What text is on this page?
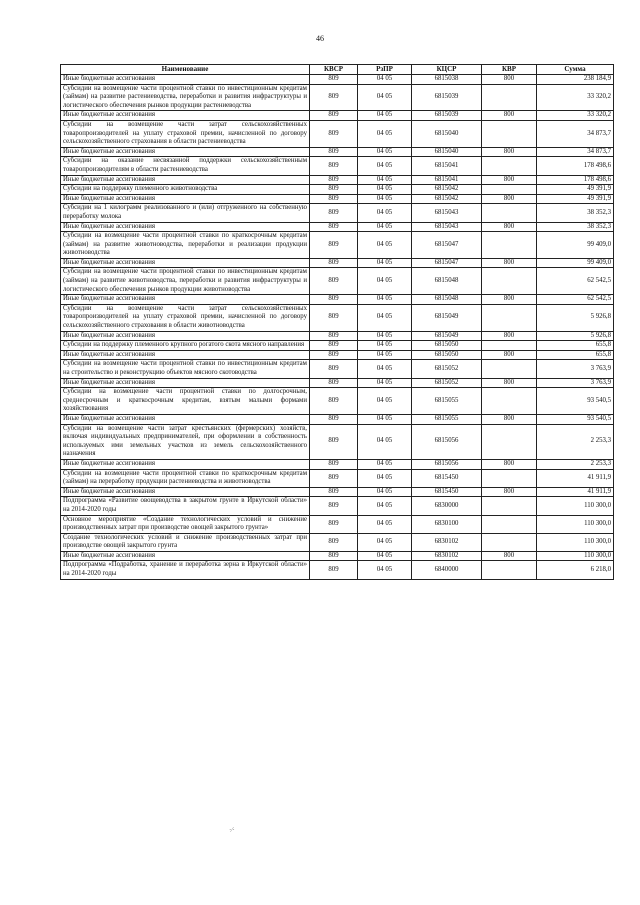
46
Наименование	КВСР	РзПР	КЦСР	КВР	Сумма
Иные бюджетные ассигнования	809	04 05	6815038	800	238 184,9
Субсидии на возмещение части процентной ставки по инвестиционным кредитам (займам) на развитие растениеводства, переработки и развития инфраструктуры и логистического обеспечения рынков продукции растениеводства	809	04 05	6815039		33 320,2
Иные бюджетные ассигнования	809	04 05	6815039	800	33 320,2
Субсидии на возмещение части затрат сельскохозяйственных товаропроизводителей на уплату страховой премии, начисленной по договору сельскохозяйственного страхования в области растениеводства	809	04 05	6815040		34 873,7
Иные бюджетные ассигнования	809	04 05	6815040	800	34 873,7
Субсидии на оказание несвязанной поддержки сельскохозяйственным товаропроизводителям в области растениеводства	809	04 05	6815041		178 498,6
Иные бюджетные ассигнования	809	04 05	6815041	800	178 498,6
Субсидии на поддержку племенного животноводства	809	04 05	6815042		49 391,9
Иные бюджетные ассигнования	809	04 05	6815042	800	49 391,9
Субсидии на 1 килограмм реализованного и (или) отгруженного на собственную переработку молока	809	04 05	6815043		38 352,3
Иные бюджетные ассигнования	809	04 05	6815043	800	38 352,3
Субсидии на возмещение части процентной ставки по краткосрочным кредитам (займам) на развитие животноводства, переработки и реализации продукции животноводства	809	04 05	6815047		99 409,0
Иные бюджетные ассигнования	809	04 05	6815047	800	99 409,0
Субсидии на возмещение части процентной ставки по инвестиционным кредитам (займам) на развитие животноводства, переработки и развития инфраструктуры и логистического обеспечения рынков продукции животноводства	809	04 05	6815048		62 542,5
Иные бюджетные ассигнования	809	04 05	6815048	800	62 542,5
Субсидии на возмещение части затрат сельскохозяйственных товаропроизводителей на уплату страховой премии, начисленной по договору сельскохозяйственного страхования в области животноводства	809	04 05	6815049		5 926,8
Иные бюджетные ассигнования	809	04 05	6815049	800	5 926,8
Субсидии на поддержку племенного крупного рогатого скота мясного направления	809	04 05	6815050		655,8
Иные бюджетные ассигнования	809	04 05	6815050	800	655,8
Субсидии на возмещение части процентной ставки по инвестиционным кредитам на строительство и реконструкцию объектов мясного скотоводства	809	04 05	6815052		3 763,9
Иные бюджетные ассигнования	809	04 05	6815052	800	3 763,9
Субсидии на возмещение части процентной ставки по долгосрочным, среднесрочным и краткосрочным кредитам, взятым малыми формами хозяйствования	809	04 05	6815055		93 540,5
Иные бюджетные ассигнования	809	04 05	6815055	800	93 540,5
Субсидии на возмещение части затрат крестьянских (фермерских) хозяйств, включая индивидуальных предпринимателей, при оформлении в собственность используемых ими земельных участков из земель сельскохозяйственного назначения	809	04 05	6815056		2 253,3
Иные бюджетные ассигнования	809	04 05	6815056	800	2 253,3
Субсидии на возмещение части процентной ставки по краткосрочным кредитам (займам) на переработку продукции растениеводства и животноводства	809	04 05	6815450		41 911,9
Иные бюджетные ассигнования	809	04 05	6815450	800	41 911,9
Подпрограмма «Развитие овощеводства в закрытом грунте в Иркутской области» на 2014-2020 годы	809	04 05	6830000		110 300,0
Основное мероприятие «Создание технологических условий и снижение производственных затрат при производстве овощей закрытого грунта»	809	04 05	6830100		110 300,0
Создание технологических условий и снижение производственных затрат при производстве овощей закрытого грунта	809	04 05	6830102		110 300,0
Иные бюджетные ассигнования	809	04 05	6830102	800	110 300,0
Подпрограмма «Подработка, хранение и переработка зерна в Иркутской области» на 2014-2020 годы	809	04 05	6840000		6 218,0
·⁄·
